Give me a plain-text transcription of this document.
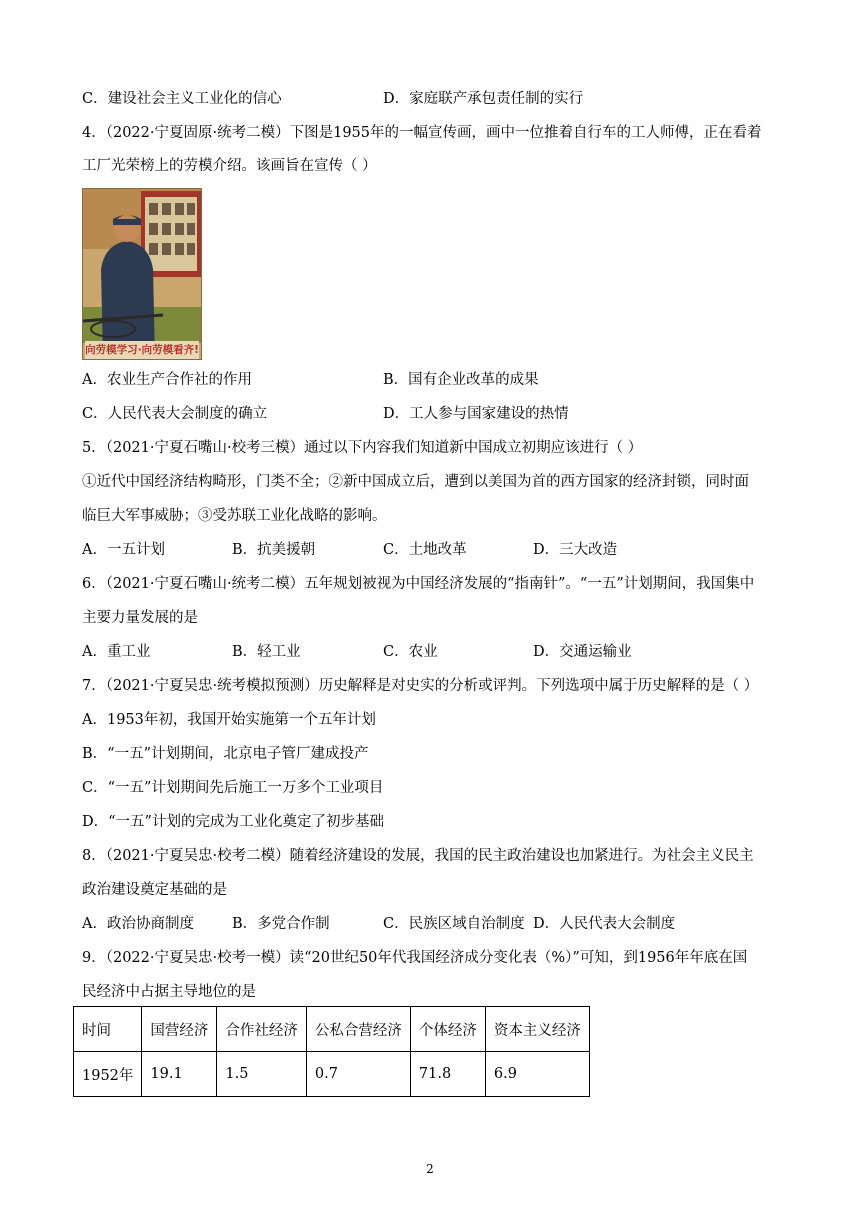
C．建设社会主义工业化的信心	D．家庭联产承包责任制的实行
4．（2022·宁夏固原·统考二模）下图是1955年的一幅宣传画，画中一位推着自行车的工人师傅，正在看着
工厂光荣榜上的劳模介绍。该画旨在宣传（ ）
向劳模学习·向劳模看齐!
A．农业生产合作社的作用	B．国有企业改革的成果
C．人民代表大会制度的确立	D．工人参与国家建设的热情
5．（2021·宁夏石嘴山·校考三模）通过以下内容我们知道新中国成立初期应该进行（ ）
①近代中国经济结构畸形，门类不全；②新中国成立后，遭到以美国为首的西方国家的经济封锁，同时面
临巨大军事威胁；③受苏联工业化战略的影响。
A．一五计划	B．抗美援朝	C．土地改革	D．三大改造
6．（2021·宁夏石嘴山·统考二模）五年规划被视为中国经济发展的“指南针”。“一五”计划期间，我国集中
主要力量发展的是
A．重工业	B．轻工业	C．农业	D．交通运输业
7．（2021·宁夏吴忠·统考模拟预测）历史解释是对史实的分析或评判。下列选项中属于历史解释的是（ ）
A．1953年初，我国开始实施第一个五年计划
B．“一五”计划期间，北京电子管厂建成投产
C．“一五”计划期间先后施工一万多个工业项目
D．“一五”计划的完成为工业化奠定了初步基础
8．（2021·宁夏吴忠·校考二模）随着经济建设的发展，我国的民主政治建设也加紧进行。为社会主义民主
政治建设奠定基础的是
A．政治协商制度	B．多党合作制	C．民族区域自治制度 D．人民代表大会制度
9．（2022·宁夏吴忠·校考一模）读“20世纪50年代我国经济成分变化表（%）”可知，到1956年年底在国
民经济中占据主导地位的是
时间	国营经济	合作社经济	公私合营经济	个体经济	资本主义经济
1952年	19.1	1.5	0.7	71.8	6.9
2
